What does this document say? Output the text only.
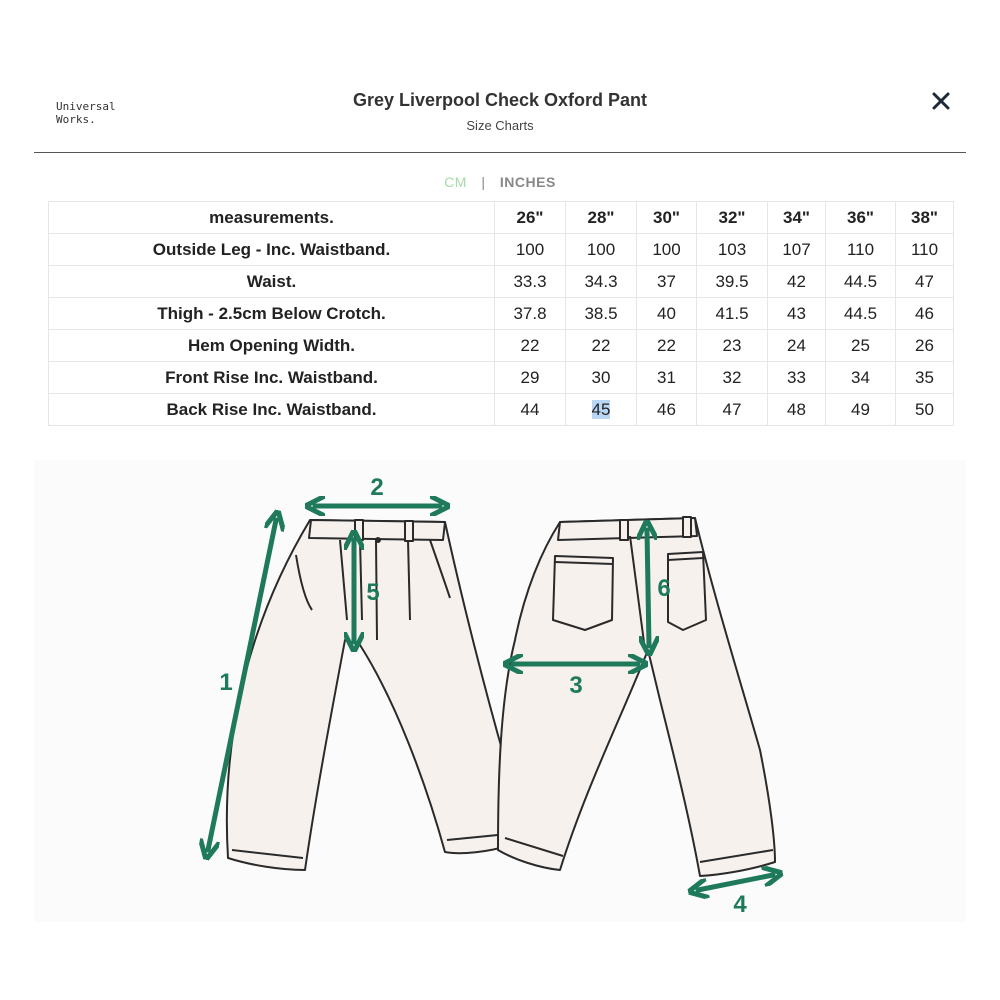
Universal
Works.
Grey Liverpool Check Oxford Pant
Size Charts
CM | INCHES
measurements.	26"	28"	30"	32"	34"	36"	38"
Outside Leg - Inc. Waistband.	100	100	100	103	107	110	110
Waist.	33.3	34.3	37	39.5	42	44.5	47
Thigh - 2.5cm Below Crotch.	37.8	38.5	40	41.5	43	44.5	46
Hem Opening Width.	22	22	22	23	24	25	26
Front Rise Inc. Waistband.	29	30	31	32	33	34	35
Back Rise Inc. Waistband.	44	45	46	47	48	49	50
1
2
3
4
5	6
